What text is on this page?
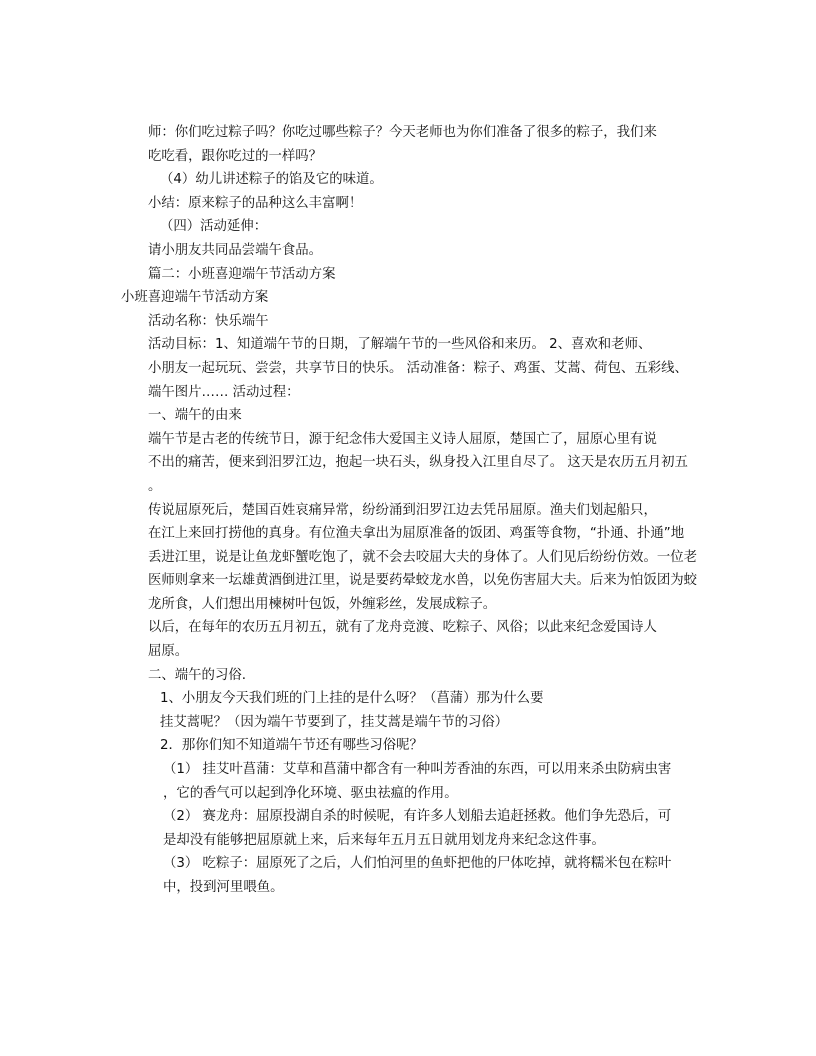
师：你们吃过粽子吗？你吃过哪些粽子？今天老师也为你们准备了很多的粽子，我们来
吃吃看，跟你吃过的一样吗？

（4）幼儿讲述粽子的馅及它的味道。

小结：原来粽子的品种这么丰富啊！

（四）活动延伸：

请小朋友共同品尝端午食品。

篇二：小班喜迎端午节活动方案

小班喜迎端午节活动方案

活动名称：快乐端午

活动目标：1、知道端午节的日期，了解端午节的一些风俗和来历。 2、喜欢和老师、
小朋友一起玩玩、尝尝，共享节日的快乐。 活动准备：粽子、鸡蛋、艾蒿、荷包、五彩线、
端午图片…… 活动过程：

一、端午的由来

端午节是古老的传统节日，源于纪念伟大爱国主义诗人屈原，楚国亡了，屈原心里有说
不出的痛苦，便来到汨罗江边，抱起一块石头，纵身投入江里自尽了。 这天是农历五月初五
。

传说屈原死后，楚国百姓哀痛异常，纷纷涌到汨罗江边去凭吊屈原。渔夫们划起船只，
在江上来回打捞他的真身。有位渔夫拿出为屈原准备的饭团、鸡蛋等食物，“扑通、扑通”地
丢进江里，说是让鱼龙虾蟹吃饱了，就不会去咬屈大夫的身体了。人们见后纷纷仿效。一位老
医师则拿来一坛雄黄酒倒进江里，说是要药晕蛟龙水兽，以免伤害屈大夫。后来为怕饭团为蛟
龙所食，人们想出用楝树叶包饭，外缠彩丝，发展成粽子。

以后，在每年的农历五月初五，就有了龙舟竞渡、吃粽子、风俗；以此来纪念爱国诗人
屈原。

二、端午的习俗.

1、小朋友今天我们班的门上挂的是什么呀？（菖蒲）那为什么要
挂艾蒿呢？（因为端午节要到了，挂艾蒿是端午节的习俗）

2．那你们知不知道端午节还有哪些习俗呢？

（1） 挂艾叶菖蒲：艾草和菖蒲中都含有一种叫芳香油的东西，可以用来杀虫防病虫害
，它的香气可以起到净化环境、驱虫祛瘟的作用。

（2） 赛龙舟：屈原投湖自杀的时候呢，有许多人划船去追赶拯救。他们争先恐后，可
是却没有能够把屈原就上来，后来每年五月五日就用划龙舟来纪念这件事。

（3） 吃粽子：屈原死了之后，人们怕河里的鱼虾把他的尸体吃掉，就将糯米包在粽叶
中，投到河里喂鱼。
